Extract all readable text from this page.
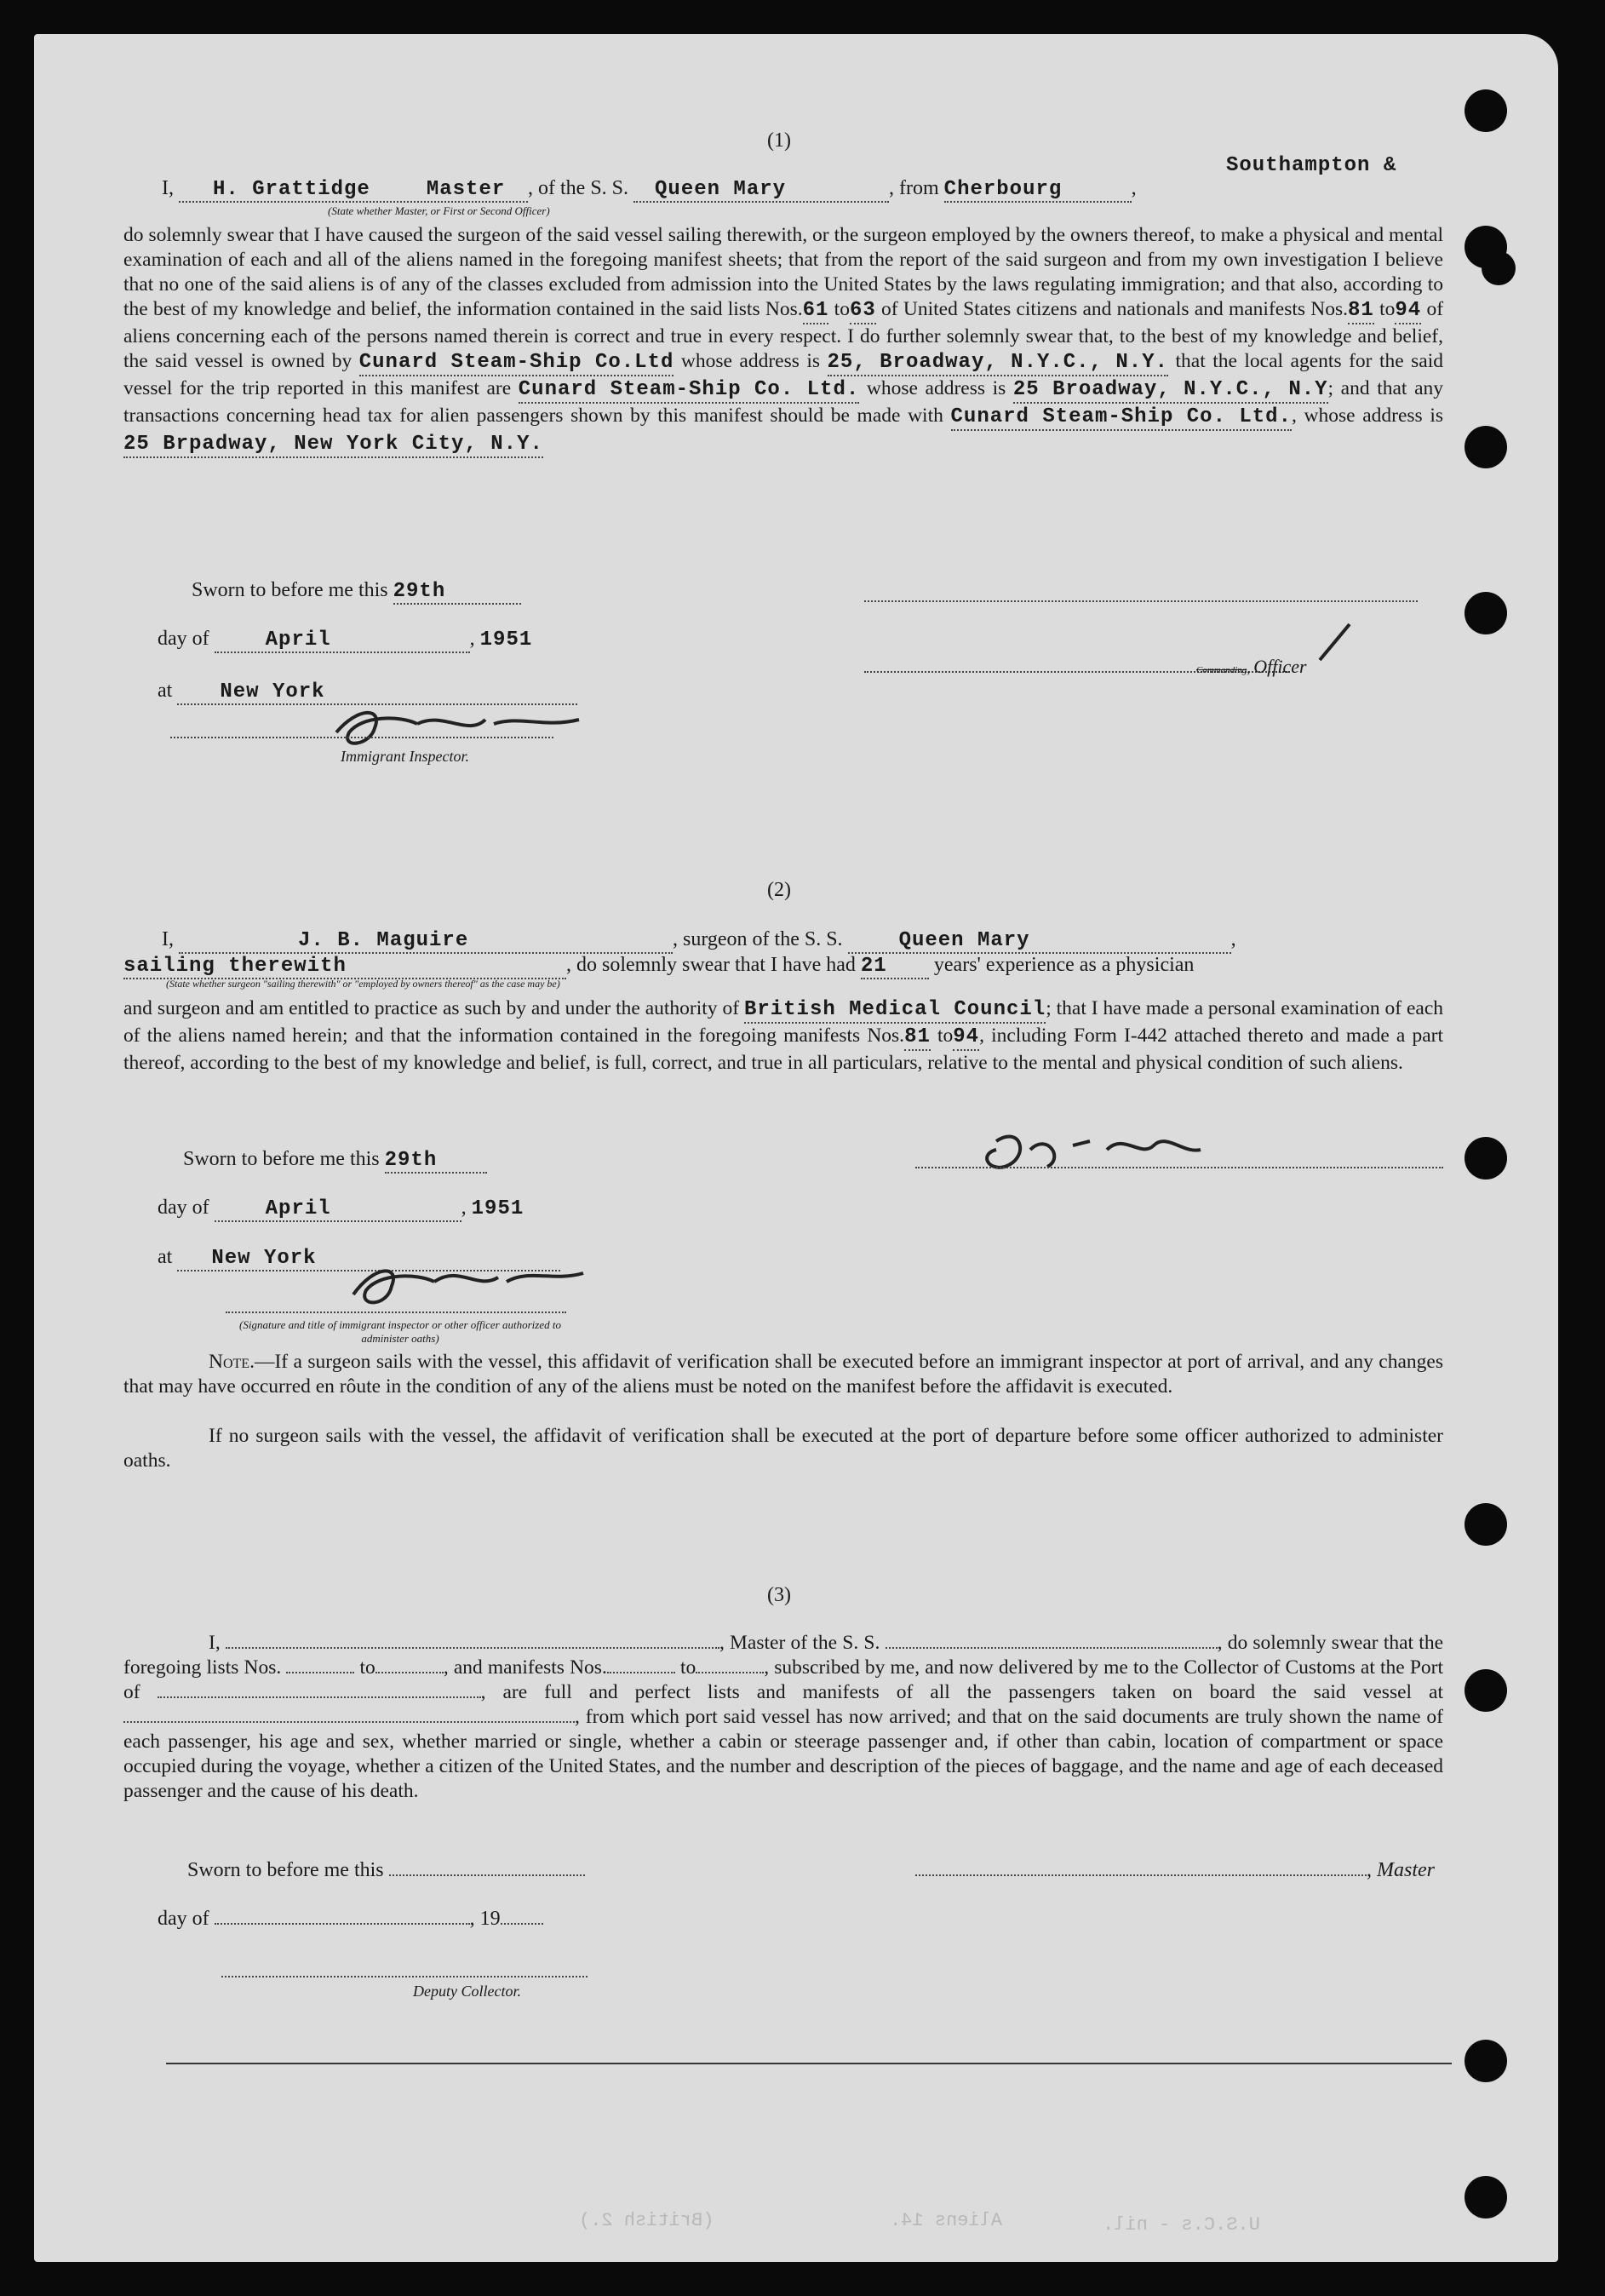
(1)
Southampton &
I, H. Grattidge	Master , of the S. S. Queen Mary	, from Cherbourg	,
(State whether Master, or First or Second Officer)
do solemnly swear that I have caused the surgeon of the said vessel sailing therewith, or the surgeon employed by the owners thereof, to make a physical and mental examination of each and all of the aliens named in the foregoing manifest sheets; that from the report of the said surgeon and from my own investigation I believe that no one of the said aliens is of any of the classes excluded from admission into the United States by the laws regulating immigration; and that also, according to the best of my knowledge and belief, the information contained in the said lists Nos.61 to63 of United States citizens and nationals and manifests Nos.81 to94 of aliens concerning each of the persons named therein is correct and true in every respect. I do further solemnly swear that, to the best of my knowledge and belief, the said vessel is owned by Cunard Steam-Ship Co.Ltd whose address is 25, Broadway, N.Y.C., N.Y. that the local agents for the said vessel for the trip reported in this manifest are Cunard Steam-Ship Co. Ltd. whose address is 25 Broadway, N.Y.C., N.Y; and that any transactions concerning head tax for alien passengers shown by this manifest should be made with Cunard Steam-Ship Co. Ltd., whose address is 25 Brpadway, New York City, N.Y.
Sworn to before me this 29th
day of	April	, 1951
at New York
Commanding, Officer
Immigrant Inspector.
(2)
I,	J. B. Maguire	, surgeon of the S. S.	Queen Mary	,
sailing therewith	, do solemnly swear that I have had 21 years' experience as a physician
(State whether surgeon "sailing therewith" or "employed by owners thereof" as the case may be)
and surgeon and am entitled to practice as such by and under the authority of British Medical Council; that I have made a personal examination of each of the aliens named herein; and that the information contained in the foregoing manifests Nos.81 to94, including Form I-442 attached thereto and made a part thereof, according to the best of my knowledge and belief, is full, correct, and true in all particulars, relative to the mental and physical condition of such aliens.
Sworn to before me this 29th
day of	April	, 1951
at New York
(Signature and title of immigrant inspector or other officer authorized to administer oaths)
Note.—If a surgeon sails with the vessel, this affidavit of verification shall be executed before an immigrant inspector at port of arrival, and any changes that may have occurred en rôute in the condition of any of the aliens must be noted on the manifest before the affidavit is executed.
If no surgeon sails with the vessel, the affidavit of verification shall be executed at the port of departure before some officer authorized to administer oaths.
(3)
I,	, Master of the S. S.	, do solemnly swear that the foregoing lists Nos.	to	, and manifests Nos.	to	, subscribed by me, and now delivered by me to the Collector of Customs at the Port of	, are full and perfect lists and manifests of all the passengers taken on board the said vessel at , from which port said vessel has now arrived; and that on the said documents are truly shown the name of each passenger, his age and sex, whether married or single, whether a cabin or steerage passenger and, if other than cabin, location of compartment or space occupied during the voyage, whether a citizen of the United States, and the number and description of the pieces of baggage, and the name and age of each deceased passenger and the cause of his death.
Sworn to before me this	, Master
day of	, 19
Deputy Collector.
(British 2.)	Aliens 14.	U.S.C.s - nil.
